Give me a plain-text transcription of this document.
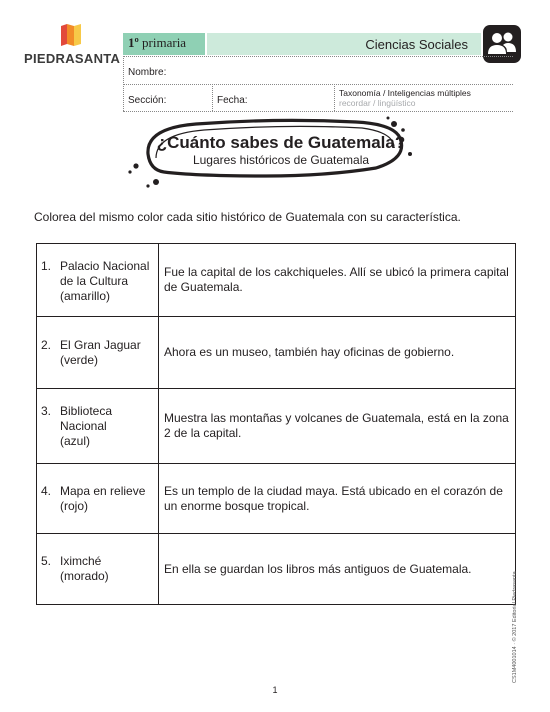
PIEDRASANTA
1º primaria	Ciencias Sociales
Nombre:
Sección:	Fecha:
Taxonomía / Inteligencias múltiples
recordar / lingüístico
¿Cuánto sabes de Guatemala?
Lugares históricos de Guatemala
Colorea del mismo color cada sitio histórico de Guatemala con su característica.
1. Palacio Nacional de la Cultura (amarillo)	Fue la capital de los cakchiqueles. Allí se ubicó la primera capital de Guatemala.

2. El Gran Jaguar (verde)	Ahora es un museo, también hay oficinas de gobierno.

3. Biblioteca Nacional (azul)	Muestra las montañas y volcanes de Guatemala, está en la zona 2 de la capital.

4. Mapa en relieve (rojo)	Es un templo de la ciudad maya. Está ubicado en el corazón de un enorme bosque tropical.

5. Iximché (morado)	En ella se guardan los libros más antiguos de Guatemala.
CS1M4001014 · © 2017 Editorial Piedrasanta
1
